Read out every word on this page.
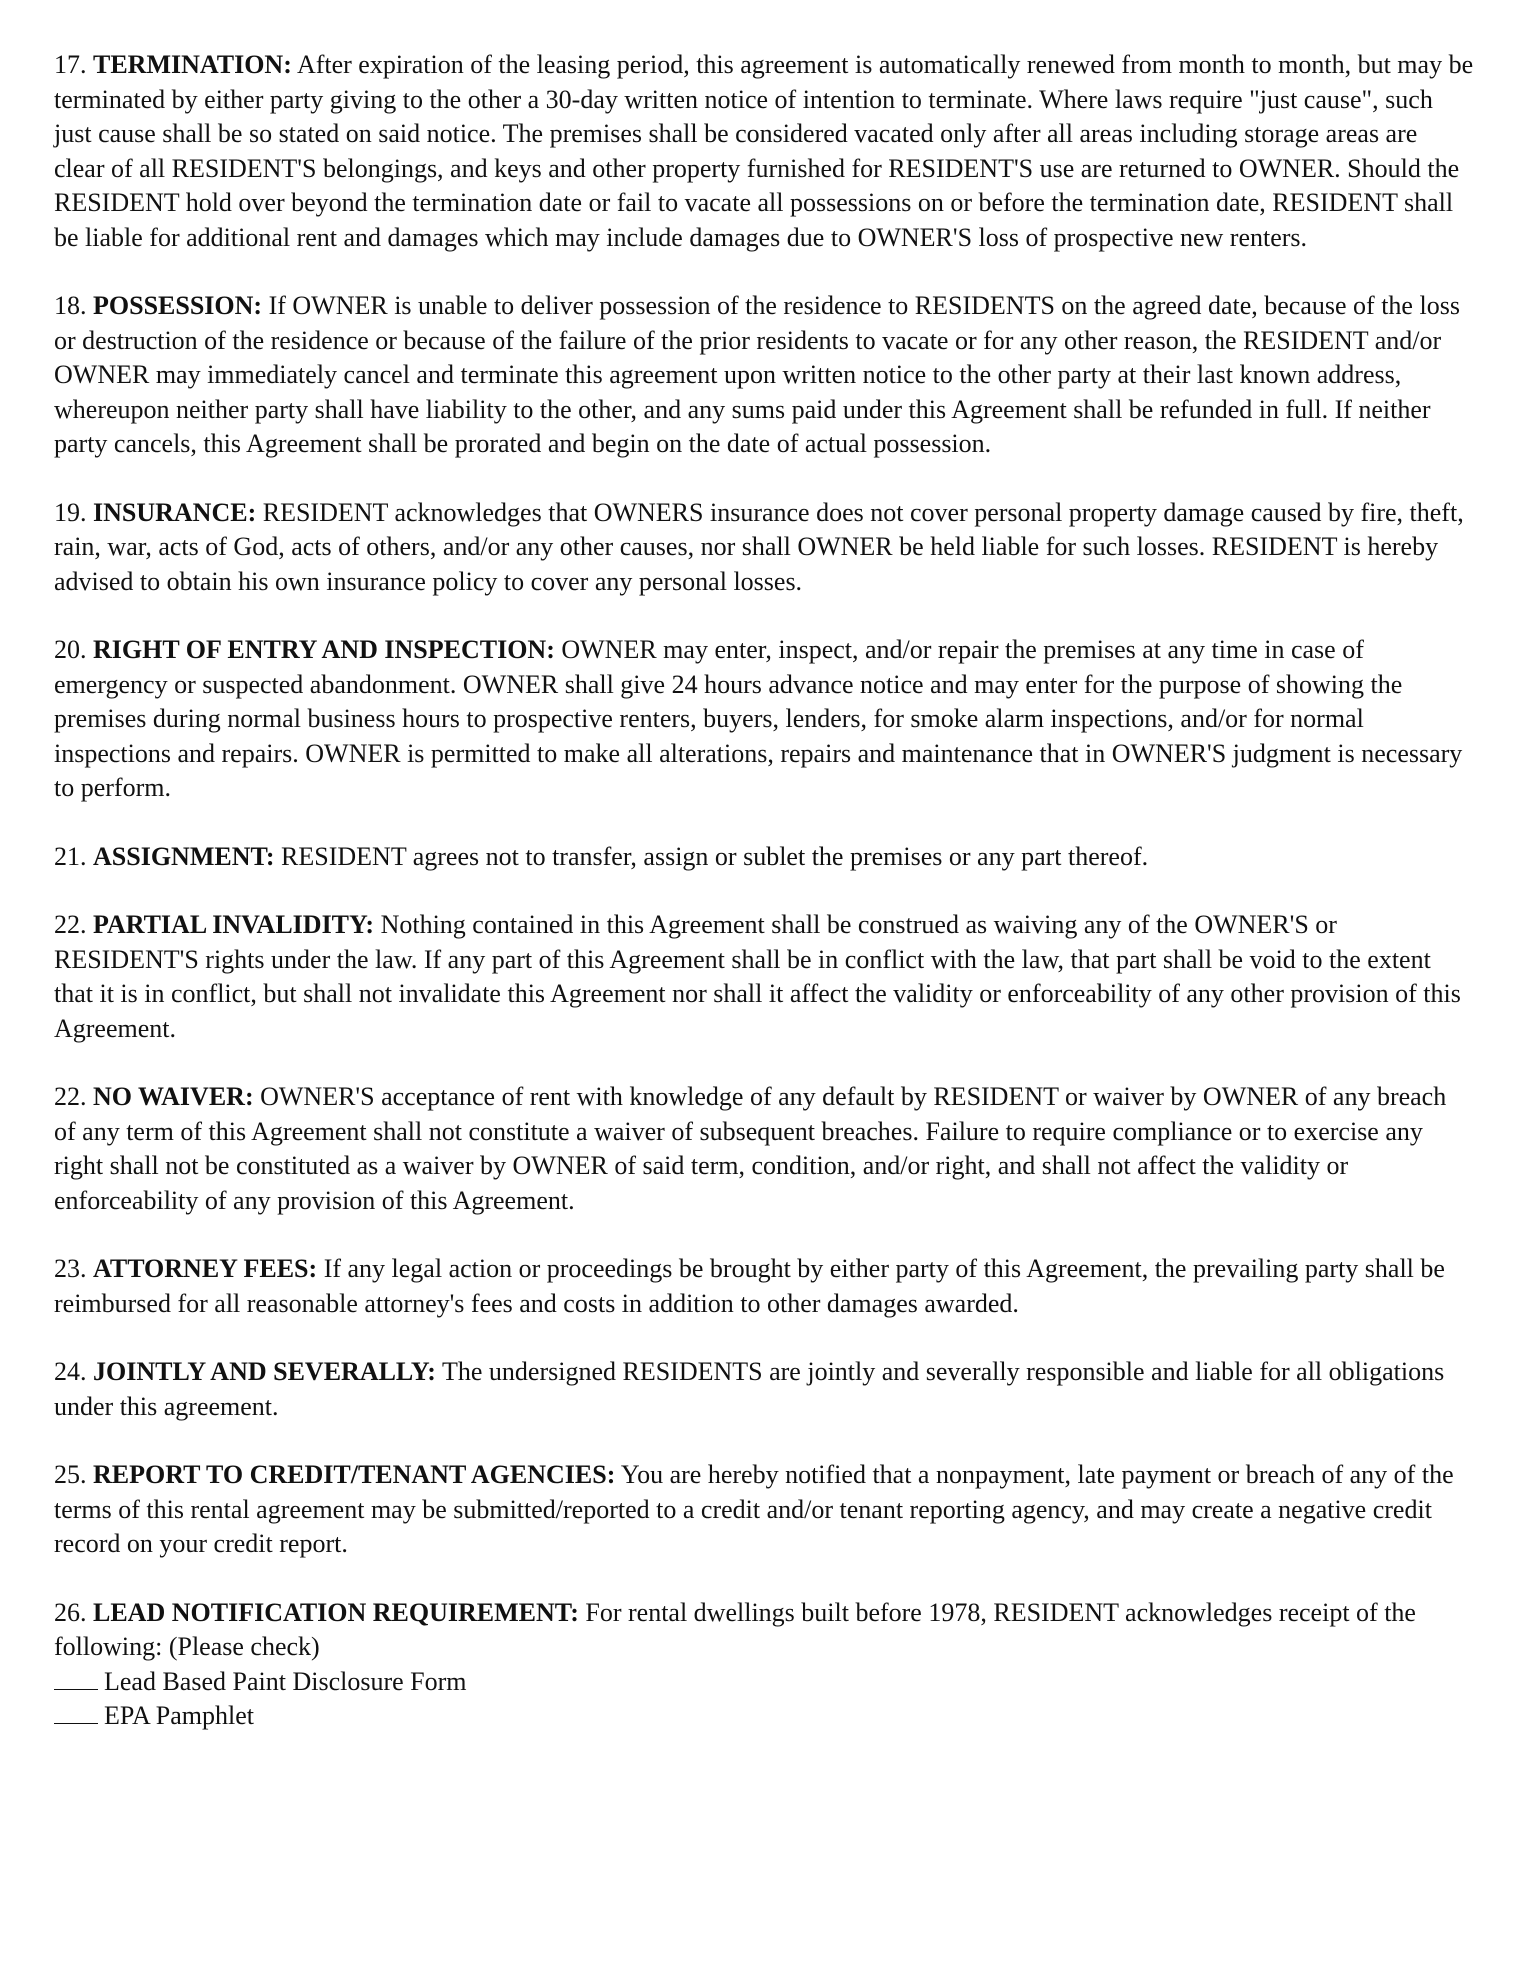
17. TERMINATION: After expiration of the leasing period, this agreement is automatically renewed from month to month, but may be terminated by either party giving to the other a 30-day written notice of intention to terminate. Where laws require "just cause", such just cause shall be so stated on said notice. The premises shall be considered vacated only after all areas including storage areas are clear of all RESIDENT'S belongings, and keys and other property furnished for RESIDENT'S use are returned to OWNER. Should the RESIDENT hold over beyond the termination date or fail to vacate all possessions on or before the termination date, RESIDENT shall be liable for additional rent and damages which may include damages due to OWNER'S loss of prospective new renters.

18. POSSESSION: If OWNER is unable to deliver possession of the residence to RESIDENTS on the agreed date, because of the loss or destruction of the residence or because of the failure of the prior residents to vacate or for any other reason, the RESIDENT and/or OWNER may immediately cancel and terminate this agreement upon written notice to the other party at their last known address, whereupon neither party shall have liability to the other, and any sums paid under this Agreement shall be refunded in full. If neither party cancels, this Agreement shall be prorated and begin on the date of actual possession.

19. INSURANCE: RESIDENT acknowledges that OWNERS insurance does not cover personal property damage caused by fire, theft, rain, war, acts of God, acts of others, and/or any other causes, nor shall OWNER be held liable for such losses. RESIDENT is hereby advised to obtain his own insurance policy to cover any personal losses.

20. RIGHT OF ENTRY AND INSPECTION: OWNER may enter, inspect, and/or repair the premises at any time in case of emergency or suspected abandonment. OWNER shall give 24 hours advance notice and may enter for the purpose of showing the premises during normal business hours to prospective renters, buyers, lenders, for smoke alarm inspections, and/or for normal inspections and repairs. OWNER is permitted to make all alterations, repairs and maintenance that in OWNER'S judgment is necessary to perform.

21. ASSIGNMENT: RESIDENT agrees not to transfer, assign or sublet the premises or any part thereof.

22. PARTIAL INVALIDITY: Nothing contained in this Agreement shall be construed as waiving any of the OWNER'S or RESIDENT'S rights under the law. If any part of this Agreement shall be in conflict with the law, that part shall be void to the extent that it is in conflict, but shall not invalidate this Agreement nor shall it affect the validity or enforceability of any other provision of this Agreement.

22. NO WAIVER: OWNER'S acceptance of rent with knowledge of any default by RESIDENT or waiver by OWNER of any breach of any term of this Agreement shall not constitute a waiver of subsequent breaches. Failure to require compliance or to exercise any right shall not be constituted as a waiver by OWNER of said term, condition, and/or right, and shall not affect the validity or enforceability of any provision of this Agreement.

23. ATTORNEY FEES: If any legal action or proceedings be brought by either party of this Agreement, the prevailing party shall be reimbursed for all reasonable attorney's fees and costs in addition to other damages awarded.

24. JOINTLY AND SEVERALLY: The undersigned RESIDENTS are jointly and severally responsible and liable for all obligations under this agreement.

25. REPORT TO CREDIT/TENANT AGENCIES: You are hereby notified that a nonpayment, late payment or breach of any of the terms of this rental agreement may be submitted/reported to a credit and/or tenant reporting agency, and may create a negative credit record on your credit report.

26. LEAD NOTIFICATION REQUIREMENT: For rental dwellings built before 1978, RESIDENT acknowledges receipt of the following: (Please check)

Lead Based Paint Disclosure Form
EPA Pamphlet
